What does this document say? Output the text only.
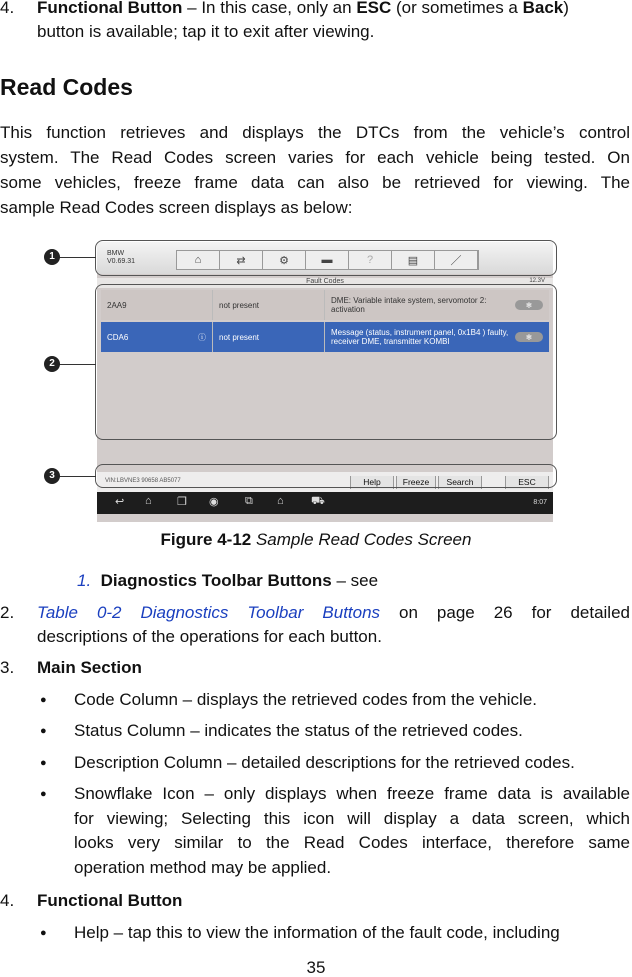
4. Functional Button – In this case, only an ESC (or sometimes a Back)
button is available; tap it to exit after viewing.
Read Codes
This function retrieves and displays the DTCs from the vehicle’s control
system. The Read Codes screen varies for each vehicle being tested. On
some vehicles, freeze frame data can also be retrieved for viewing. The
sample Read Codes screen displays as below:
BMW
V0.69.31	⌂	⇄	⚙	▬	?	▤	／
Fault Codes	12.3V
2AA9	not present	DME: Variable intake system, servomotor 2: activation	❄
CDA6	ⓘ	not present	Message (status, instrument panel, 0x1B4 ) faulty, receiver DME, transmitter KOMBI	❄
VIN:LBVNE3 90658 AB5077	Help	Freeze	Search	ESC
↩ ⌂ ❐ ◉ ⧉ ⌂ ⛟	8:07
1
2
3
Figure 4-12 Sample Read Codes Screen
1. Diagnostics Toolbar Buttons – see
2. Table 0-2 Diagnostics Toolbar Buttons on page 26 for detailed
descriptions of the operations for each button.
3. Main Section
● Code Column – displays the retrieved codes from the vehicle.
● Status Column – indicates the status of the retrieved codes.
● Description Column – detailed descriptions for the retrieved codes.
● Snowflake Icon – only displays when freeze frame data is available
for viewing; Selecting this icon will display a data screen, which
looks very similar to the Read Codes interface, therefore same
operation method may be applied.
4. Functional Button
● Help – tap this to view the information of the fault code, including
35
